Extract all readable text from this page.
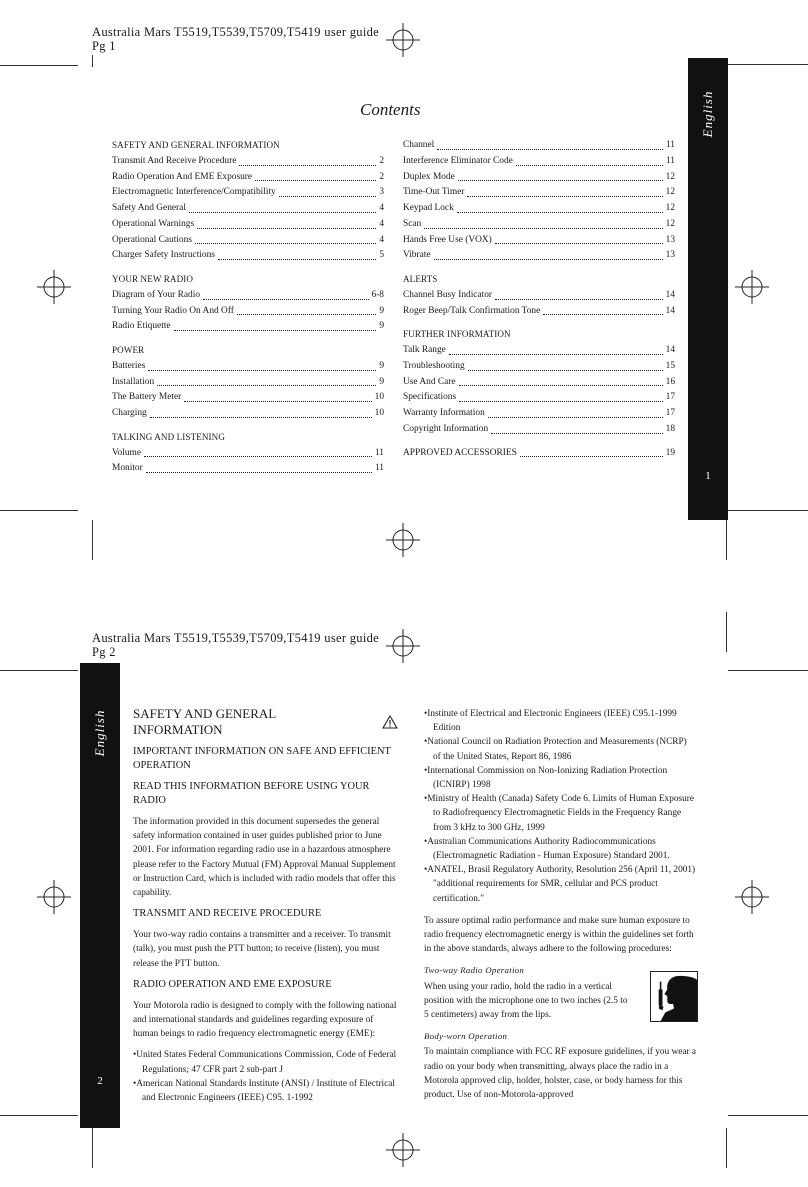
Australia Mars T5519,T5539,T5709,T5419 user guide
Pg 1
English
1
Contents
SAFETY AND GENERAL INFORMATION
Transmit And Receive Procedure	2
Radio Operation And EME Exposure	2
Electromagnetic Interference/Compatibility	3
Safety And General	4
Operational Warnings	4
Operational Cautions	4
Charger Safety Instructions	5
YOUR NEW RADIO
Diagram of Your Radio	6-8
Turning Your Radio On And Off	9
Radio Etiquette	9
POWER
Batteries	9
Installation	9
The Battery Meter	10
Charging	10
TALKING AND LISTENING
Volume	11
Monitor	11
Channel	11
Interference Eliminator Code	11
Duplex Mode	12
Time-Out Timer	12
Keypad Lock	12
Scan	12
Hands Free Use (VOX)	13
Vibrate	13
ALERTS
Channel Busy Indicator	14
Roger Beep/Talk Confirmation Tone	14
FURTHER INFORMATION
Talk Range	14
Troubleshooting	15
Use And Care	16
Specifications	17
Warranty Information	17
Copyright Information	18
APPROVED ACCESSORIES	19
Australia Mars T5519,T5539,T5709,T5419 user guide
Pg 2
English
2
SAFETY AND GENERAL INFORMATION
IMPORTANT INFORMATION ON SAFE AND EFFICIENT OPERATION
READ THIS INFORMATION BEFORE USING YOUR RADIO

The information provided in this document supersedes the general safety information contained in user guides published prior to June 2001. For information regarding radio use in a hazardous atmosphere please refer to the Factory Mutual (FM) Approval Manual Supplement or Instruction Card, which is included with radio models that offer this capability.

TRANSMIT AND RECEIVE PROCEDURE

Your two-way radio contains a transmitter and a receiver. To transmit (talk), you must push the PTT button; to receive (listen), you must release the PTT button.

RADIO OPERATION AND EME EXPOSURE

Your Motorola radio is designed to comply with the following national and international standards and guidelines regarding exposure of human beings to radio frequency electromagnetic energy (EME):

• United States Federal Communications Commission, Code of Federal Regulations; 47 CFR part 2 sub-part J
• American National Standards Institute (ANSI) / Institute of Electrical and Electronic Engineers (IEEE) C95. 1-1992
• Institute of Electrical and Electronic Engineers (IEEE) C95.1-1999 Edition
• National Council on Radiation Protection and Measurements (NCRP) of the United States, Report 86, 1986
• International Commission on Non-Ionizing Radiation Protection (ICNIRP) 1998
• Ministry of Health (Canada) Safety Code 6. Limits of Human Exposure to Radiofrequency Electromagnetic Fields in the Frequency Range from 3 kHz to 300 GHz, 1999
• Australian Communications Authority Radiocommunications (Electromagnetic Radiation - Human Exposure) Standard 2001.
• ANATEL, Brasil Regulatory Authority, Resolution 256 (April 11, 2001) "additional requirements for SMR, cellular and PCS product certification."

To assure optimal radio performance and make sure human exposure to radio frequency electromagnetic energy is within the guidelines set forth in the above standards, always adhere to the following procedures:

Two-way Radio Operation

When using your radio, hold the radio in a vertical position with the microphone one to two inches (2.5 to 5 centimeters) away from the lips.

Body-worn Operation

To maintain compliance with FCC RF exposure guidelines, if you wear a radio on your body when transmitting, always place the radio in a Motorola approved clip, holder, holster, case, or body harness for this product. Use of non-Motorola-approved
